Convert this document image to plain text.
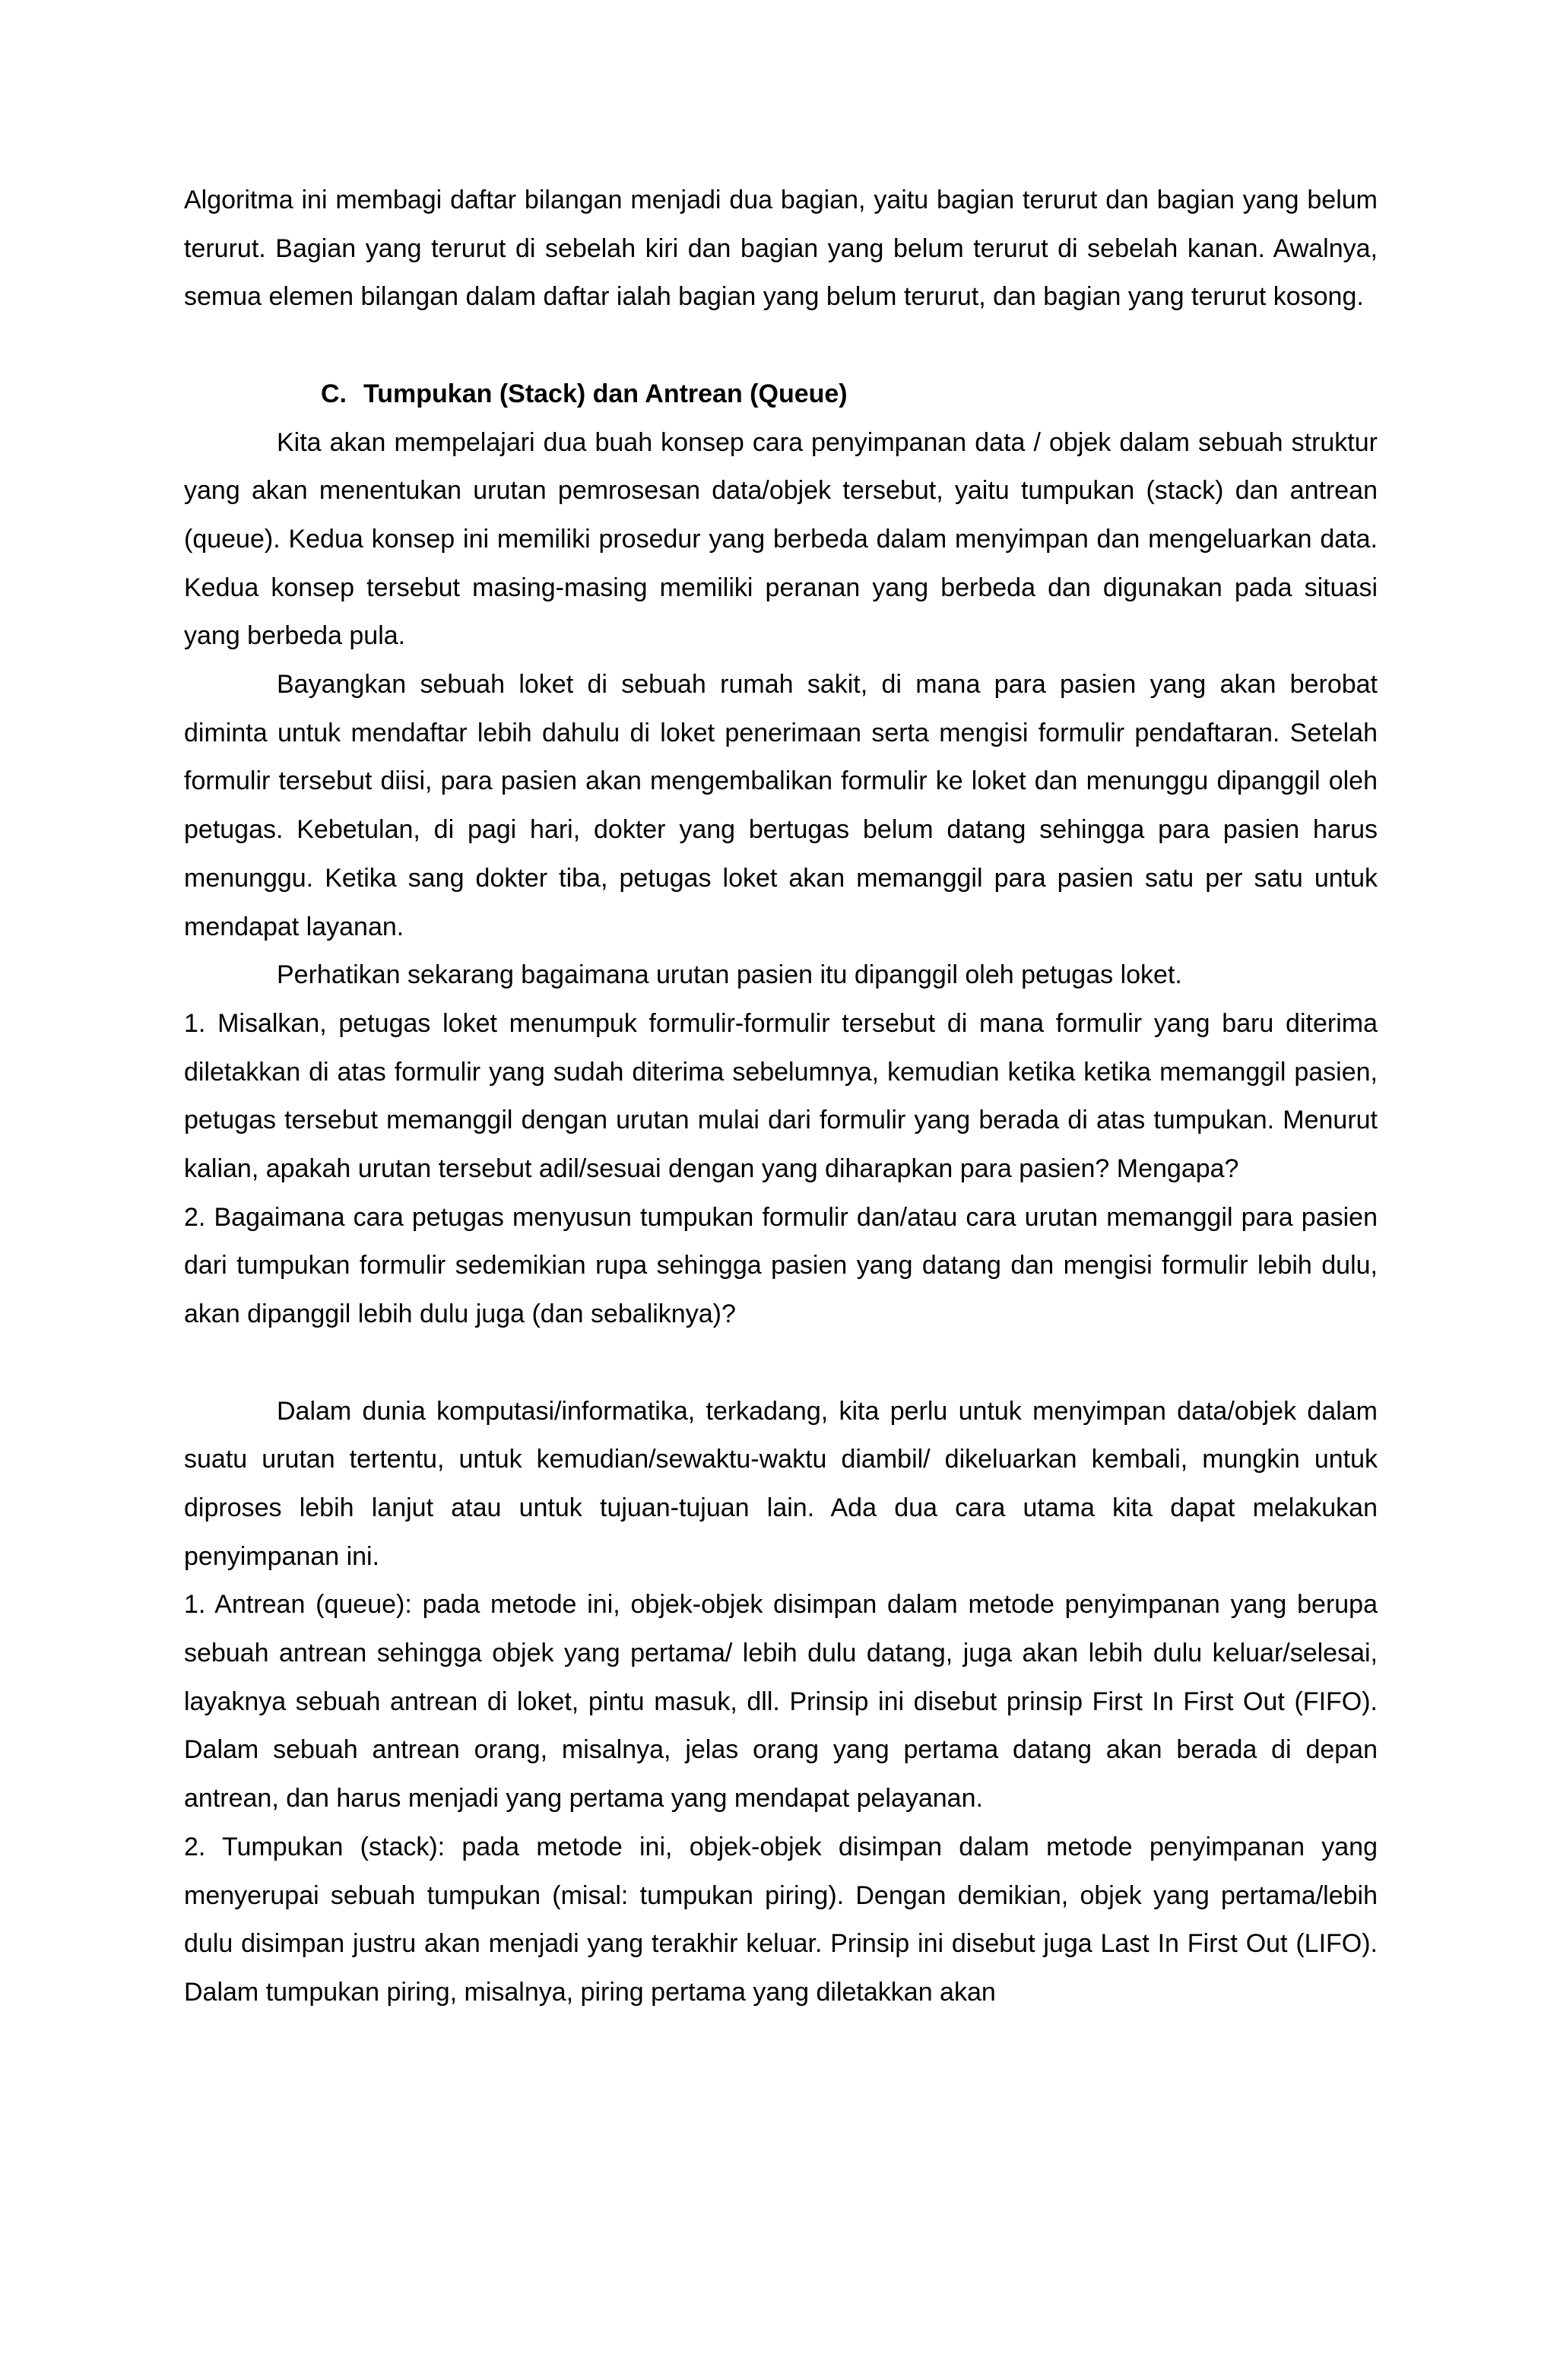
Algoritma ini membagi daftar bilangan menjadi dua bagian, yaitu bagian terurut dan bagian yang belum terurut. Bagian yang terurut di sebelah kiri dan bagian yang belum terurut di sebelah kanan. Awalnya, semua elemen bilangan dalam daftar ialah bagian yang belum terurut, dan bagian yang terurut kosong.

C. Tumpukan (Stack) dan Antrean (Queue)

Kita akan mempelajari dua buah konsep cara penyimpanan data / objek dalam sebuah struktur yang akan menentukan urutan pemrosesan data/objek tersebut, yaitu tumpukan (stack) dan antrean (queue). Kedua konsep ini memiliki prosedur yang berbeda dalam menyimpan dan mengeluarkan data. Kedua konsep tersebut masing-masing memiliki peranan yang berbeda dan digunakan pada situasi yang berbeda pula.

Bayangkan sebuah loket di sebuah rumah sakit, di mana para pasien yang akan berobat diminta untuk mendaftar lebih dahulu di loket penerimaan serta mengisi formulir pendaftaran. Setelah formulir tersebut diisi, para pasien akan mengembalikan formulir ke loket dan menunggu dipanggil oleh petugas. Kebetulan, di pagi hari, dokter yang bertugas belum datang sehingga para pasien harus menunggu. Ketika sang dokter tiba, petugas loket akan memanggil para pasien satu per satu untuk mendapat layanan.

Perhatikan sekarang bagaimana urutan pasien itu dipanggil oleh petugas loket.

1. Misalkan, petugas loket menumpuk formulir-formulir tersebut di mana formulir yang baru diterima diletakkan di atas formulir yang sudah diterima sebelumnya, kemudian ketika ketika memanggil pasien, petugas tersebut memanggil dengan urutan mulai dari formulir yang berada di atas tumpukan. Menurut kalian, apakah urutan tersebut adil/sesuai dengan yang diharapkan para pasien? Mengapa?

2. Bagaimana cara petugas menyusun tumpukan formulir dan/atau cara urutan memanggil para pasien dari tumpukan formulir sedemikian rupa sehingga pasien yang datang dan mengisi formulir lebih dulu, akan dipanggil lebih dulu juga (dan sebaliknya)?

Dalam dunia komputasi/informatika, terkadang, kita perlu untuk menyimpan data/objek dalam suatu urutan tertentu, untuk kemudian/sewaktu-waktu diambil/ dikeluarkan kembali, mungkin untuk diproses lebih lanjut atau untuk tujuan-tujuan lain. Ada dua cara utama kita dapat melakukan penyimpanan ini.

1. Antrean (queue): pada metode ini, objek-objek disimpan dalam metode penyimpanan yang berupa sebuah antrean sehingga objek yang pertama/ lebih dulu datang, juga akan lebih dulu keluar/selesai, layaknya sebuah antrean di loket, pintu masuk, dll. Prinsip ini disebut prinsip First In First Out (FIFO). Dalam sebuah antrean orang, misalnya, jelas orang yang pertama datang akan berada di depan antrean, dan harus menjadi yang pertama yang mendapat pelayanan.

2. Tumpukan (stack): pada metode ini, objek-objek disimpan dalam metode penyimpanan yang menyerupai sebuah tumpukan (misal: tumpukan piring). Dengan demikian, objek yang pertama/lebih dulu disimpan justru akan menjadi yang terakhir keluar. Prinsip ini disebut juga Last In First Out (LIFO). Dalam tumpukan piring, misalnya, piring pertama yang diletakkan akan
